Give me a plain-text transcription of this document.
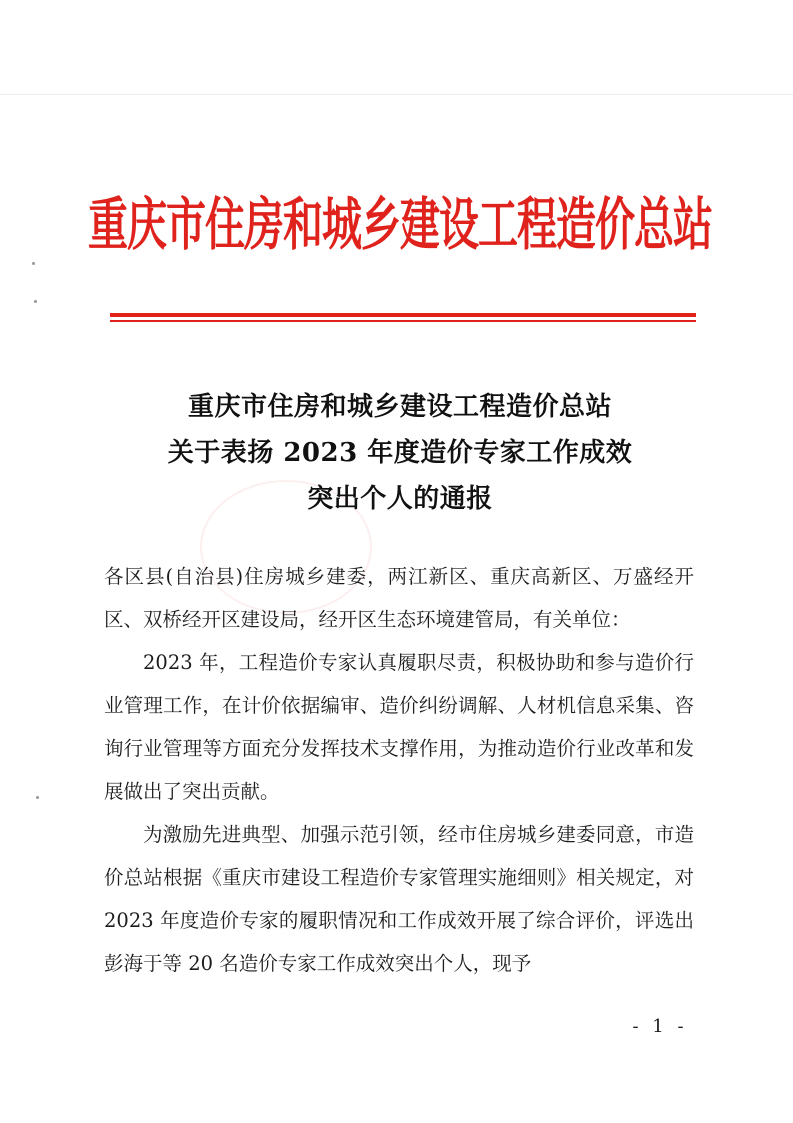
重庆市住房和城乡建设工程造价总站
重庆市住房和城乡建设工程造价总站
关于表扬 2023 年度造价专家工作成效
突出个人的通报

各区县(自治县)住房城乡建委，两江新区、重庆高新区、万盛经开区、双桥经开区建设局，经开区生态环境建管局，有关单位：

2023 年，工程造价专家认真履职尽责，积极协助和参与造价行业管理工作，在计价依据编审、造价纠纷调解、人材机信息采集、咨询行业管理等方面充分发挥技术支撑作用，为推动造价行业改革和发展做出了突出贡献。

为激励先进典型、加强示范引领，经市住房城乡建委同意，市造价总站根据《重庆市建设工程造价专家管理实施细则》相关规定，对 2023 年度造价专家的履职情况和工作成效开展了综合评价，评选出彭海于等 20 名造价专家工作成效突出个人，现予

- 1 -
